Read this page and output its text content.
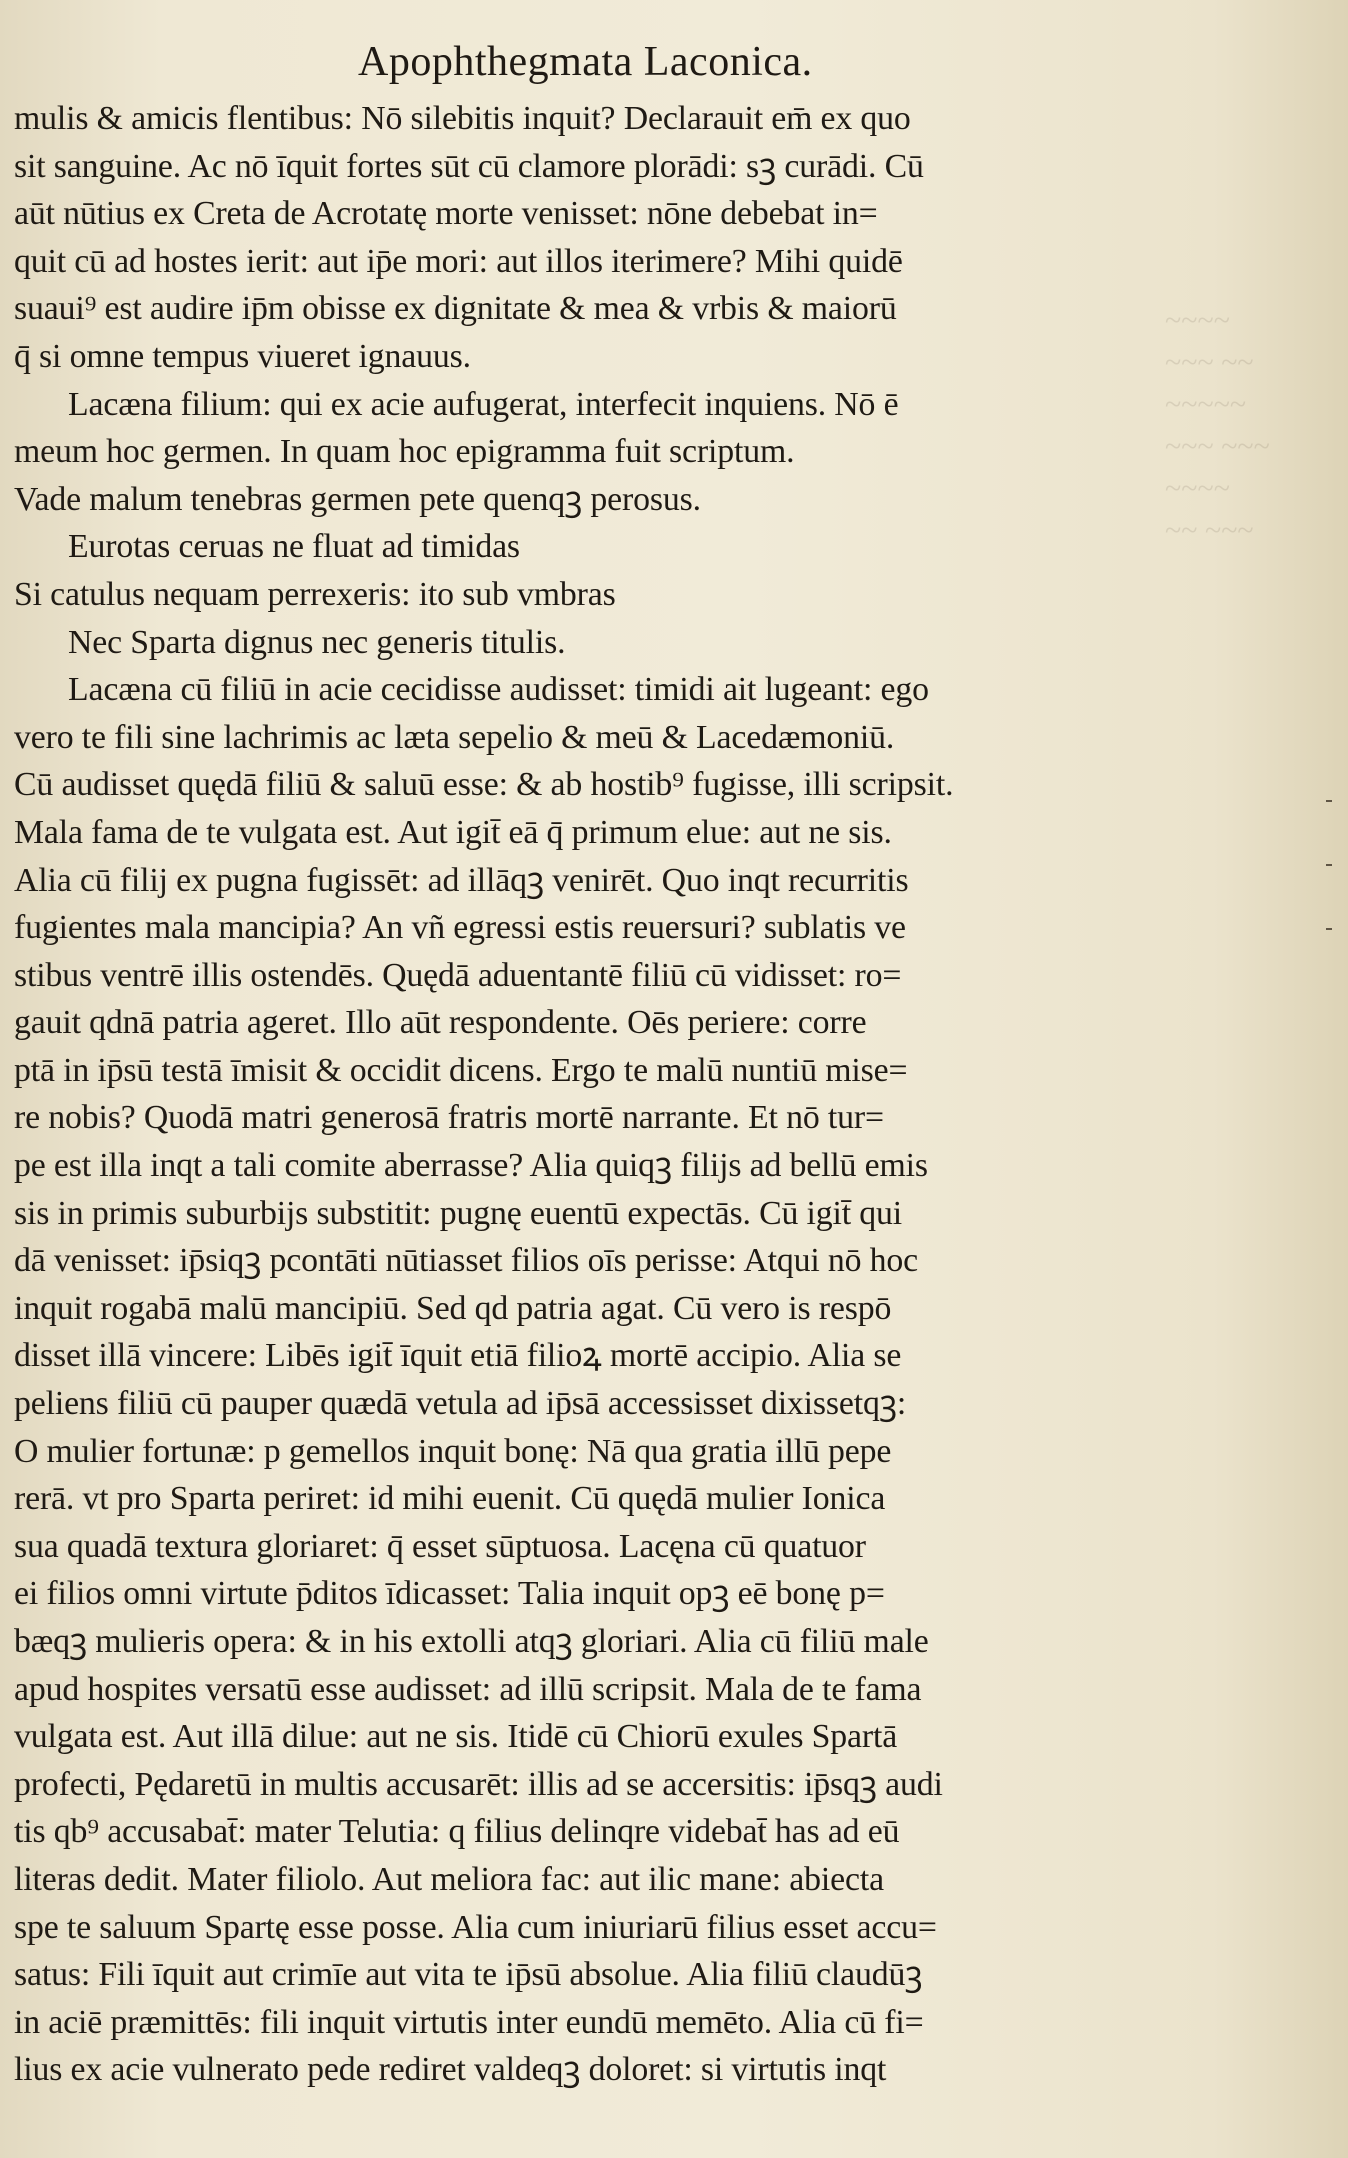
~~~~
~~~ ~~
~~~~~
~~~ ~~~
~~~~
~~ ~~~
Apophthegmata Laconica.
mulis & amicis flentibus: Nō silebitis inquit? Declarauit em̄ ex quo
sit sanguine. Ac nō īquit fortes sūt cū clamore plorādi: sꝫ curādi. Cū
aūt nūtius ex Creta de Acrotatę morte venisset: nōne debebat in=
quit cū ad hostes ierit: aut ip̄e mori: aut illos iterimere? Mihi quidē
suaui⁹ est audire ip̄m obisse ex dignitate & mea & vrbis & maiorū
q̄ si omne tempus viueret ignauus.
Lacæna filium: qui ex acie aufugerat, interfecit inquiens. Nō ē
meum hoc germen. In quam hoc epigramma fuit scriptum.
Vade malum tenebras germen pete quenqꝫ perosus.
Eurotas ceruas ne fluat ad timidas
Si catulus nequam perrexeris: ito sub vmbras
Nec Sparta dignus nec generis titulis.
Lacæna cū filiū in acie cecidisse audisset: timidi ait lugeant: ego
vero te fili sine lachrimis ac læta sepelio & meū & Lacedæmoniū.
Cū audisset quędā filiū & saluū esse: & ab hostib⁹ fugisse, illi scripsit.
Mala fama de te vulgata est. Aut igit̄ eā q̄ primum elue: aut ne sis.
Alia cū filij ex pugna fugissēt: ad illāqꝫ venirēt. Quo inqt recurritis
fugientes mala mancipia? An vñ egressi estis reuersuri? sublatis ve
stibus ventrē illis ostendēs. Quędā aduentantē filiū cū vidisset: ro=
gauit qdnā patria ageret. Illo aūt respondente. Oēs periere: corre
ptā in ip̄sū testā īmisit & occidit dicens. Ergo te malū nuntiū mise=
re nobis? Quodā matri generosā fratris mortē narrante. Et nō tur=
pe est illa inqt a tali comite aberrasse? Alia quiqꝫ filijs ad bellū emis
sis in primis suburbijs substitit: pugnę euentū expectās. Cū igit̄ qui
dā venisset: ip̄siqꝫ pcontāti nūtiasset filios oīs perisse: Atqui nō hoc
inquit rogabā malū mancipiū. Sed qd patria agat. Cū vero is respō
disset illā vincere: Libēs igit̄ īquit etiā filioꝝ mortē accipio. Alia se
peliens filiū cū pauper quædā vetula ad ip̄sā accessisset dixissetqꝫ:
O mulier fortunæ: p gemellos inquit bonę: Nā qua gratia illū pepe
rerā. vt pro Sparta periret: id mihi euenit. Cū quędā mulier Ionica
sua quadā textura gloriaret: q̄ esset sūptuosa. Lacęna cū quatuor
ei filios omni virtute p̄ditos īdicasset: Talia inquit opꝫ eē bonę p=
bæqꝫ mulieris opera: & in his extolli atqꝫ gloriari. Alia cū filiū male
apud hospites versatū esse audisset: ad illū scripsit. Mala de te fama
vulgata est. Aut illā dilue: aut ne sis. Itidē cū Chiorū exules Spartā
profecti, Pędaretū in multis accusarēt: illis ad se accersitis: ip̄sqꝫ audi
tis qb⁹ accusabat̄: mater Telutia: q filius delinqre videbat̄ has ad eū
literas dedit. Mater filiolo. Aut meliora fac: aut ilic mane: abiecta
spe te saluum Spartę esse posse. Alia cum iniuriarū filius esset accu=
satus: Fili īquit aut crimīe aut vita te ip̄sū absolue. Alia filiū claudūꝫ
in aciē præmittēs: fili inquit virtutis inter eundū memēto. Alia cū fi=
lius ex acie vulnerato pede rediret valdeqꝫ doloret: si virtutis inqt
